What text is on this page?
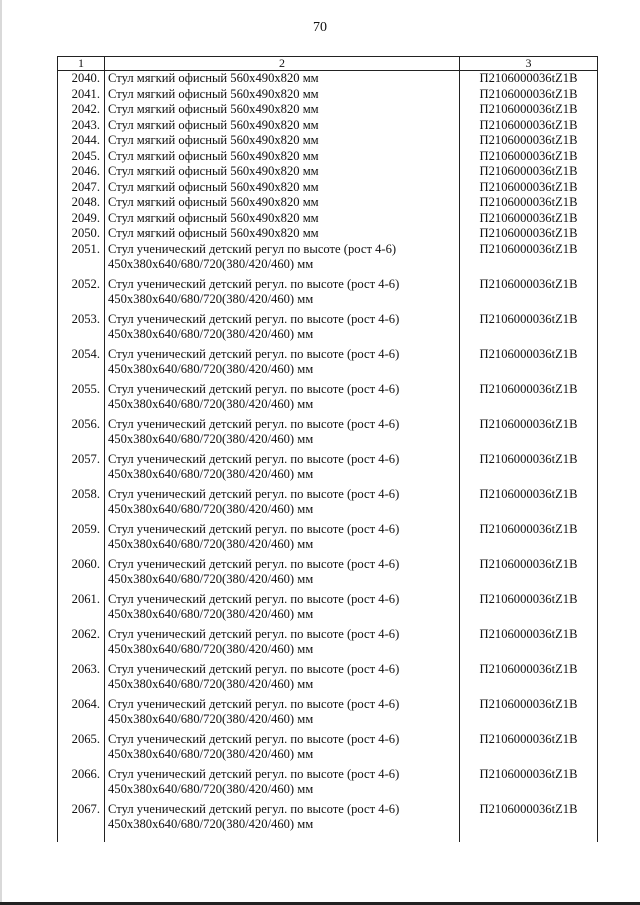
70
1	2	3
2040.	Стул мягкий офисный 560x490x820 мм	П2106000036tZ1B
2041.	Стул мягкий офисный 560x490x820 мм	П2106000036tZ1B
2042.	Стул мягкий офисный 560x490x820 мм	П2106000036tZ1B
2043.	Стул мягкий офисный 560x490x820 мм	П2106000036tZ1B
2044.	Стул мягкий офисный 560x490x820 мм	П2106000036tZ1B
2045.	Стул мягкий офисный 560x490x820 мм	П2106000036tZ1B
2046.	Стул мягкий офисный 560x490x820 мм	П2106000036tZ1B
2047.	Стул мягкий офисный 560x490x820 мм	П2106000036tZ1B
2048.	Стул мягкий офисный 560x490x820 мм	П2106000036tZ1B
2049.	Стул мягкий офисный 560x490x820 мм	П2106000036tZ1B
2050.	Стул мягкий офисный 560x490x820 мм	П2106000036tZ1B
2051.	Стул ученический детский регул по высоте (рост 4-6) 450x380x640/680/720(380/420/460) мм	П2106000036tZ1B
2052.	Стул ученический детский регул. по высоте (рост 4-6) 450x380x640/680/720(380/420/460) мм	П2106000036tZ1B
2053.	Стул ученический детский регул. по высоте (рост 4-6) 450x380x640/680/720(380/420/460) мм	П2106000036tZ1B
2054.	Стул ученический детский регул. по высоте (рост 4-6) 450x380x640/680/720(380/420/460) мм	П2106000036tZ1B
2055.	Стул ученический детский регул. по высоте (рост 4-6) 450x380x640/680/720(380/420/460) мм	П2106000036tZ1B
2056.	Стул ученический детский регул. по высоте (рост 4-6) 450x380x640/680/720(380/420/460) мм	П2106000036tZ1B
2057.	Стул ученический детский регул. по высоте (рост 4-6) 450x380x640/680/720(380/420/460) мм	П2106000036tZ1B
2058.	Стул ученический детский регул. по высоте (рост 4-6) 450x380x640/680/720(380/420/460) мм	П2106000036tZ1B
2059.	Стул ученический детский регул. по высоте (рост 4-6) 450x380x640/680/720(380/420/460) мм	П2106000036tZ1B
2060.	Стул ученический детский регул. по высоте (рост 4-6) 450x380x640/680/720(380/420/460) мм	П2106000036tZ1B
2061.	Стул ученический детский регул. по высоте (рост 4-6) 450x380x640/680/720(380/420/460) мм	П2106000036tZ1B
2062.	Стул ученический детский регул. по высоте (рост 4-6) 450x380x640/680/720(380/420/460) мм	П2106000036tZ1B
2063.	Стул ученический детский регул. по высоте (рост 4-6) 450x380x640/680/720(380/420/460) мм	П2106000036tZ1B
2064.	Стул ученический детский регул. по высоте (рост 4-6) 450x380x640/680/720(380/420/460) мм	П2106000036tZ1B
2065.	Стул ученический детский регул. по высоте (рост 4-6) 450x380x640/680/720(380/420/460) мм	П2106000036tZ1B
2066.	Стул ученический детский регул. по высоте (рост 4-6) 450x380x640/680/720(380/420/460) мм	П2106000036tZ1B
2067.	Стул ученический детский регул. по высоте (рост 4-6) 450x380x640/680/720(380/420/460) мм	П2106000036tZ1B
